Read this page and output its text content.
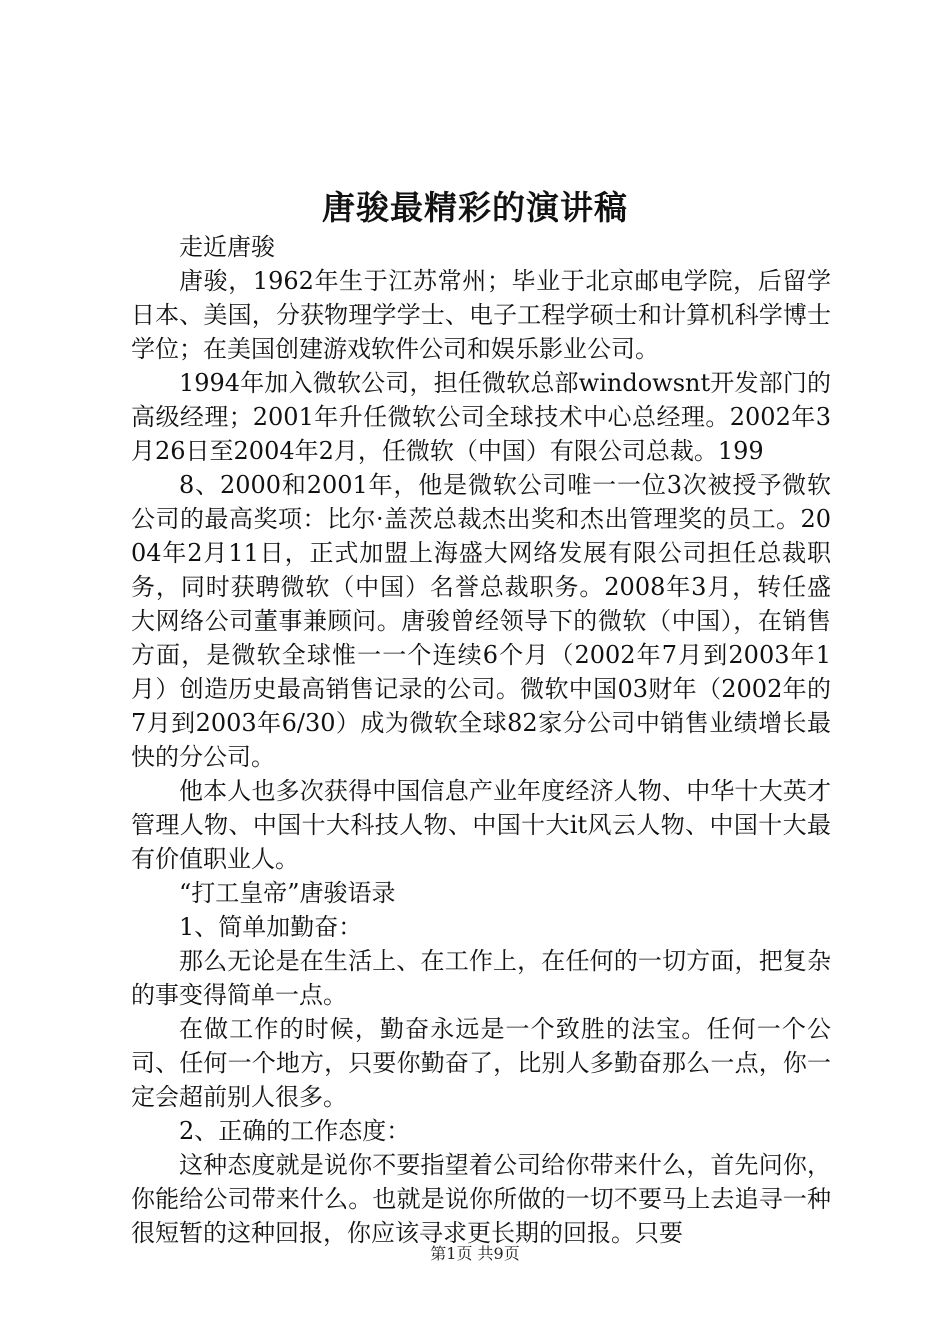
唐骏最精彩的演讲稿

走近唐骏

唐骏，1962年生于江苏常州；毕业于北京邮电学院，后留学日本、美国，分获物理学学士、电子工程学硕士和计算机科学博士学位；在美国创建游戏软件公司和娱乐影业公司。

1994年加入微软公司，担任微软总部windowsnt开发部门的高级经理；2001年升任微软公司全球技术中心总经理。2002年3月26日至2004年2月，任微软（中国）有限公司总裁。199

8、2000和2001年，他是微软公司唯一一位3次被授予微软公司的最高奖项：比尔·盖茨总裁杰出奖和杰出管理奖的员工。2004年2月11日，正式加盟上海盛大网络发展有限公司担任总裁职务，同时获聘微软（中国）名誉总裁职务。2008年3月，转任盛大网络公司董事兼顾问。唐骏曾经领导下的微软（中国），在销售方面，是微软全球惟一一个连续6个月（2002年7月到2003年1月）创造历史最高销售记录的公司。微软中国03财年（2002年的7月到2003年6/30）成为微软全球82家分公司中销售业绩增长最快的分公司。

他本人也多次获得中国信息产业年度经济人物、中华十大英才管理人物、中国十大科技人物、中国十大it风云人物、中国十大最有价值职业人。

“打工皇帝”唐骏语录

1、简单加勤奋：

那么无论是在生活上、在工作上，在任何的一切方面，把复杂的事变得简单一点。

在做工作的时候，勤奋永远是一个致胜的法宝。任何一个公司、任何一个地方，只要你勤奋了，比别人多勤奋那么一点，你一定会超前别人很多。

2、正确的工作态度：

这种态度就是说你不要指望着公司给你带来什么，首先问你，你能给公司带来什么。也就是说你所做的一切不要马上去追寻一种很短暂的这种回报，你应该寻求更长期的回报。只要

第1页 共9页
